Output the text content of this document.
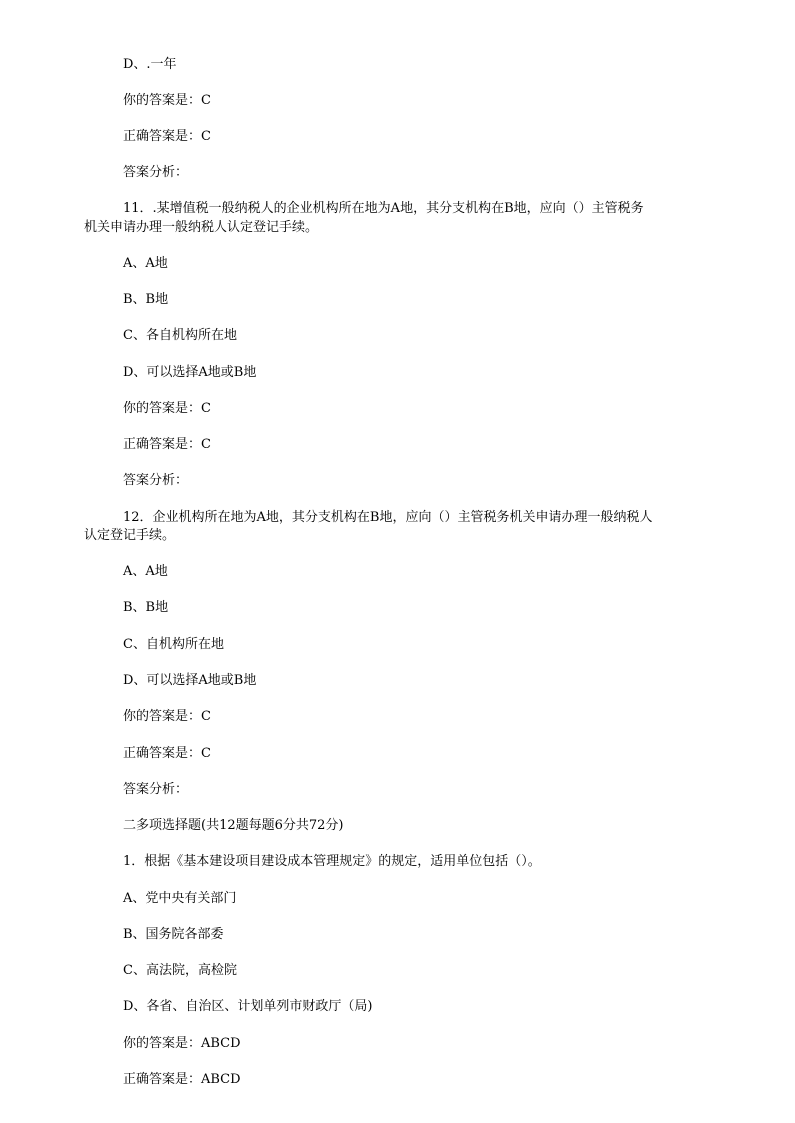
D、.一年
你的答案是：C
正确答案是：C
答案分析：
11．.某增值税一般纳税人的企业机构所在地为A地，其分支机构在B地，应向（）主管税务
机关申请办理一般纳税人认定登记手续。
A、A地
B、B地
C、各自机构所在地
D、可以选择A地或B地
你的答案是：C
正确答案是：C
答案分析：
12．企业机构所在地为A地，其分支机构在B地，应向（）主管税务机关申请办理一般纳税人
认定登记手续。
A、A地
B、B地
C、自机构所在地
D、可以选择A地或B地
你的答案是：C
正确答案是：C
答案分析：
二多项选择题(共12题每题6分共72分)
1．根据《基本建设项目建设成本管理规定》的规定，适用单位包括（）。
A、党中央有关部门
B、国务院各部委
C、高法院，高检院
D、各省、自治区、计划单列市财政厅（局)
你的答案是：ABCD
正确答案是：ABCD
